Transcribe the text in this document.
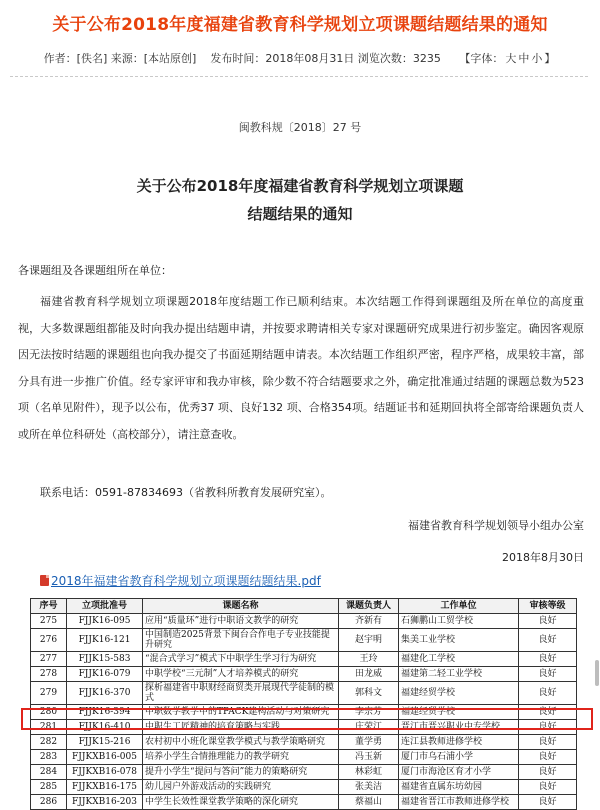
关于公布2018年度福建省教育科学规划立项课题结题结果的通知
作者：[佚名] 来源：[本站原创] 发布时间：2018年08月31日 浏览次数：3235 【字体： 大 中 小 】
闽教科规〔2018〕27 号
关于公布2018年度福建省教育科学规划立项课题
结题结果的通知
各课题组及各课题组所在单位：

福建省教育科学规划立项课题2018年度结题工作已顺利结束。本次结题工作得到课题组及所在单位的高度重视，大多数课题组都能及时向我办提出结题申请，并按要求聘请相关专家对课题研究成果进行初步鉴定。确因客观原因无法按时结题的课题组也向我办提交了书面延期结题申请表。本次结题工作组织严密，程序严格，成果较丰富，部分具有进一步推广价值。经专家评审和我办审核，除少数不符合结题要求之外，确定批准通过结题的课题总数为523 项（名单见附件），现予以公布，优秀37 项、良好132 项、合格354项。结题证书和延期回执将全部寄给课题负责人或所在单位科研处（高校部分），请注意查收。

联系电话：0591-87834693（省教科所教育发展研究室）。
福建省教育科学规划领导小组办公室
2018年8月30日
2018年福建省教育科学规划立项课题结题结果.pdf
序号	立项批准号	课题名称	课题负责人	工作单位	审核等级
275	FJJK16-095	应用“质量环”进行中职语文教学的研究	齐新有	石狮鹏山工贸学校	良好
276	FJJK16-121	中国制造2025背景下闽台合作电子专业技能提升研究	赵宇明	集美工业学校	良好
277	FJJK15-583	“混合式学习”模式下中职学生学习行为研究	王玲	福建化工学校	良好
278	FJJK16-079	中职学校“三元制”人才培养模式的研究	田龙威	福建第二轻工业学校	良好
279	FJJK16-370	探析福建省中职财经商贸类开展现代学徒制的模式	郭科文	福建经贸学校	良好
280	FJJK16-394	中职数学教学中的TPACK建构活动与对策研究	李宗芳	福建经贸学校	良好
281	FJJK16-410	中职生工匠精神的培育策略与实践	庄荣江	晋江市晋兴职业中专学校	良好
282	FJJK15-216	农村初中小班化课堂教学模式与教学策略研究	董学勇	连江县教师进修学校	良好
283	FJJKXB16-005	培养小学生合情推理能力的教学研究	冯玉新	厦门市乌石浦小学	良好
284	FJJKXB16-078	提升小学生“提问与答问”能力的策略研究	林彩虹	厦门市海沧区育才小学	良好
285	FJJKXB16-175	幼儿园户外游戏活动的实践研究	张美洁	福建省直属东坊幼园	良好
286	FJJKXB16-203	中学生长效性课堂教学策略的深化研究	蔡福山	福建省晋江市教师进修学校	良好
